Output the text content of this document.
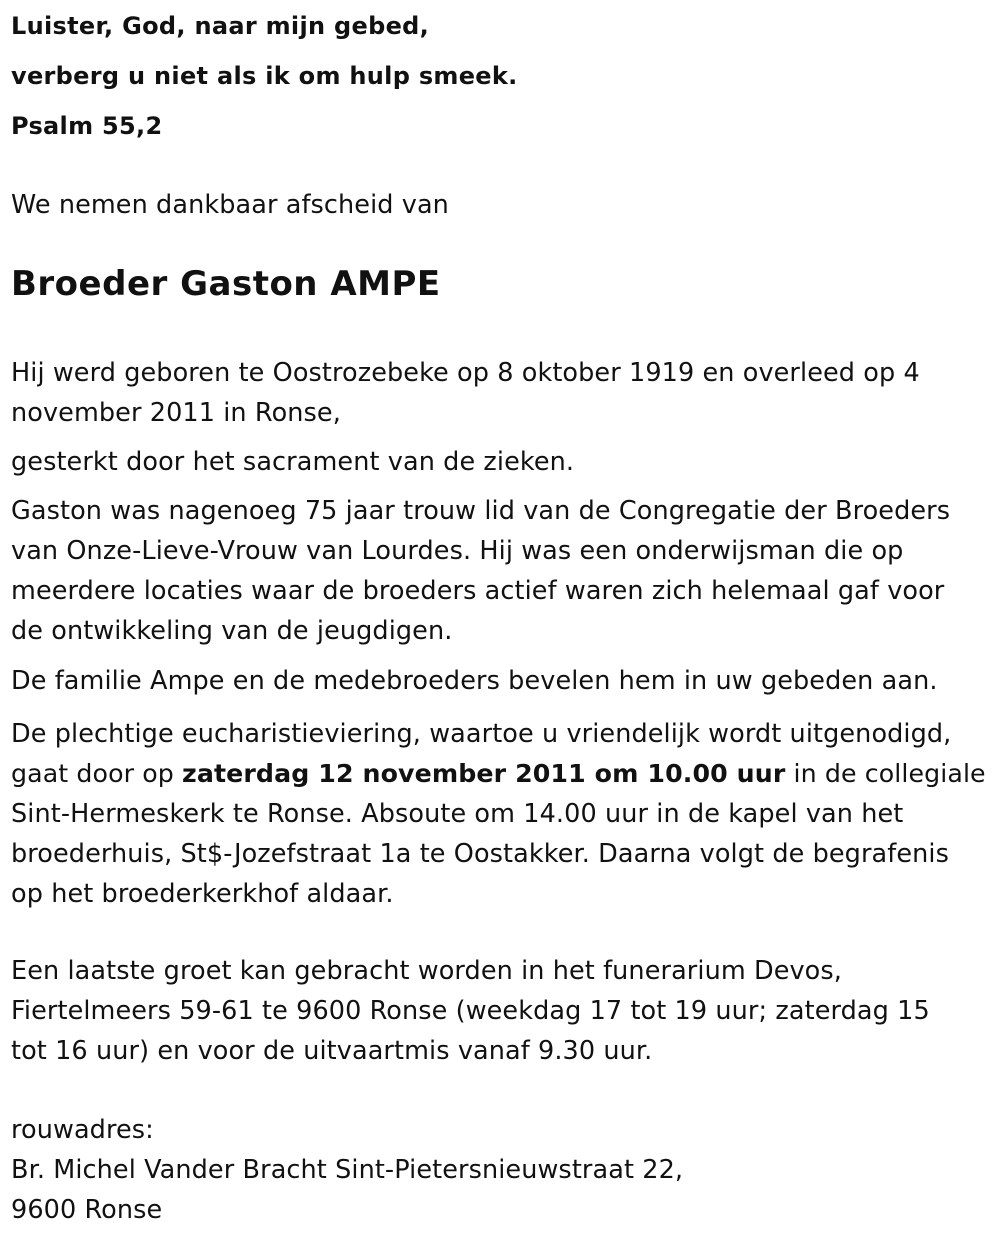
Luister, God, naar mijn gebed,
verberg u niet als ik om hulp smeek.
Psalm 55,2
We nemen dankbaar afscheid van
Broeder Gaston AMPE
Hij werd geboren te Oostrozebeke op 8 oktober 1919 en overleed op 4
november 2011 in Ronse,
gesterkt door het sacrament van de zieken.
Gaston was nagenoeg 75 jaar trouw lid van de Congregatie der Broeders
van Onze-Lieve-Vrouw van Lourdes. Hij was een onderwijsman die op
meerdere locaties waar de broeders actief waren zich helemaal gaf voor
de ontwikkeling van de jeugdigen.
De familie Ampe en de medebroeders bevelen hem in uw gebeden aan.
De plechtige eucharistieviering, waartoe u vriendelijk wordt uitgenodigd,
gaat door op zaterdag 12 november 2011 om 10.00 uur in de collegiale
Sint-Hermeskerk te Ronse. Absoute om 14.00 uur in de kapel van het
broederhuis, St$-Jozefstraat 1a te Oostakker. Daarna volgt de begrafenis
op het broederkerkhof aldaar.
Een laatste groet kan gebracht worden in het funerarium Devos,
Fiertelmeers 59-61 te 9600 Ronse (weekdag 17 tot 19 uur; zaterdag 15
tot 16 uur) en voor de uitvaartmis vanaf 9.30 uur.
rouwadres:
Br. Michel Vander Bracht Sint-Pietersnieuwstraat 22,
9600 Ronse
